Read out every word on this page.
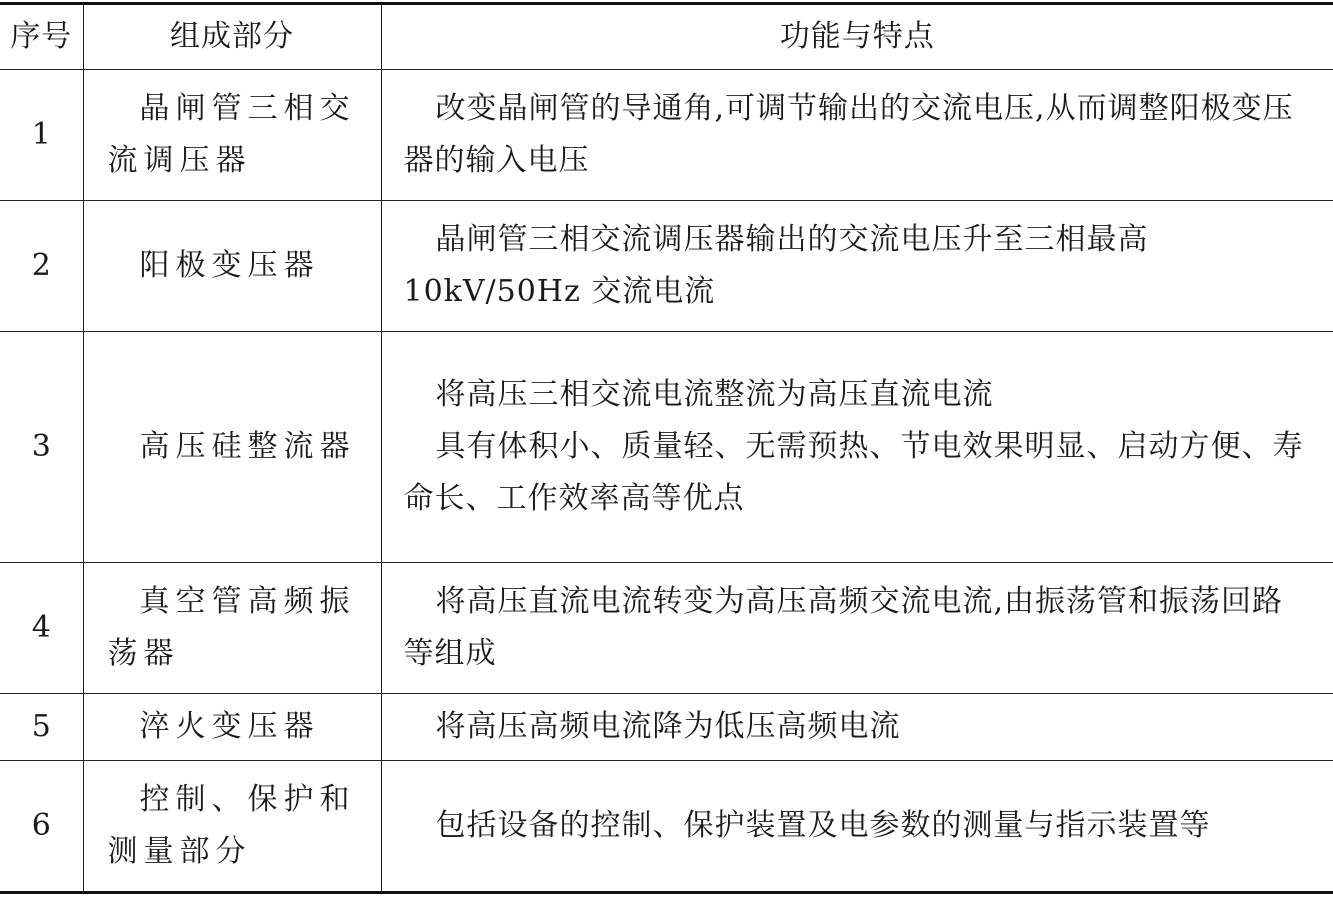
序号	组成部分	功能与特点
1	晶闸管三相交流调压器	改变晶闸管的导通角,可调节输出的交流电压,从而调整阳极变压器的输入电压

2	阳极变压器	晶闸管三相交流调压器输出的交流电压升至三相最高 10kV/50Hz 交流电流

3	高压硅整流器	将高压三相交流电流整流为高压直流电流
具有体积小、质量轻、无需预热、节电效果明显、启动方便、寿命长、工作效率高等优点

4	真空管高频振荡器	将高压直流电流转变为高压高频交流电流,由振荡管和振荡回路等组成

5	淬火变压器	将高压高频电流降为低压高频电流

6	控制、保护和测量部分	包括设备的控制、保护装置及电参数的测量与指示装置等
